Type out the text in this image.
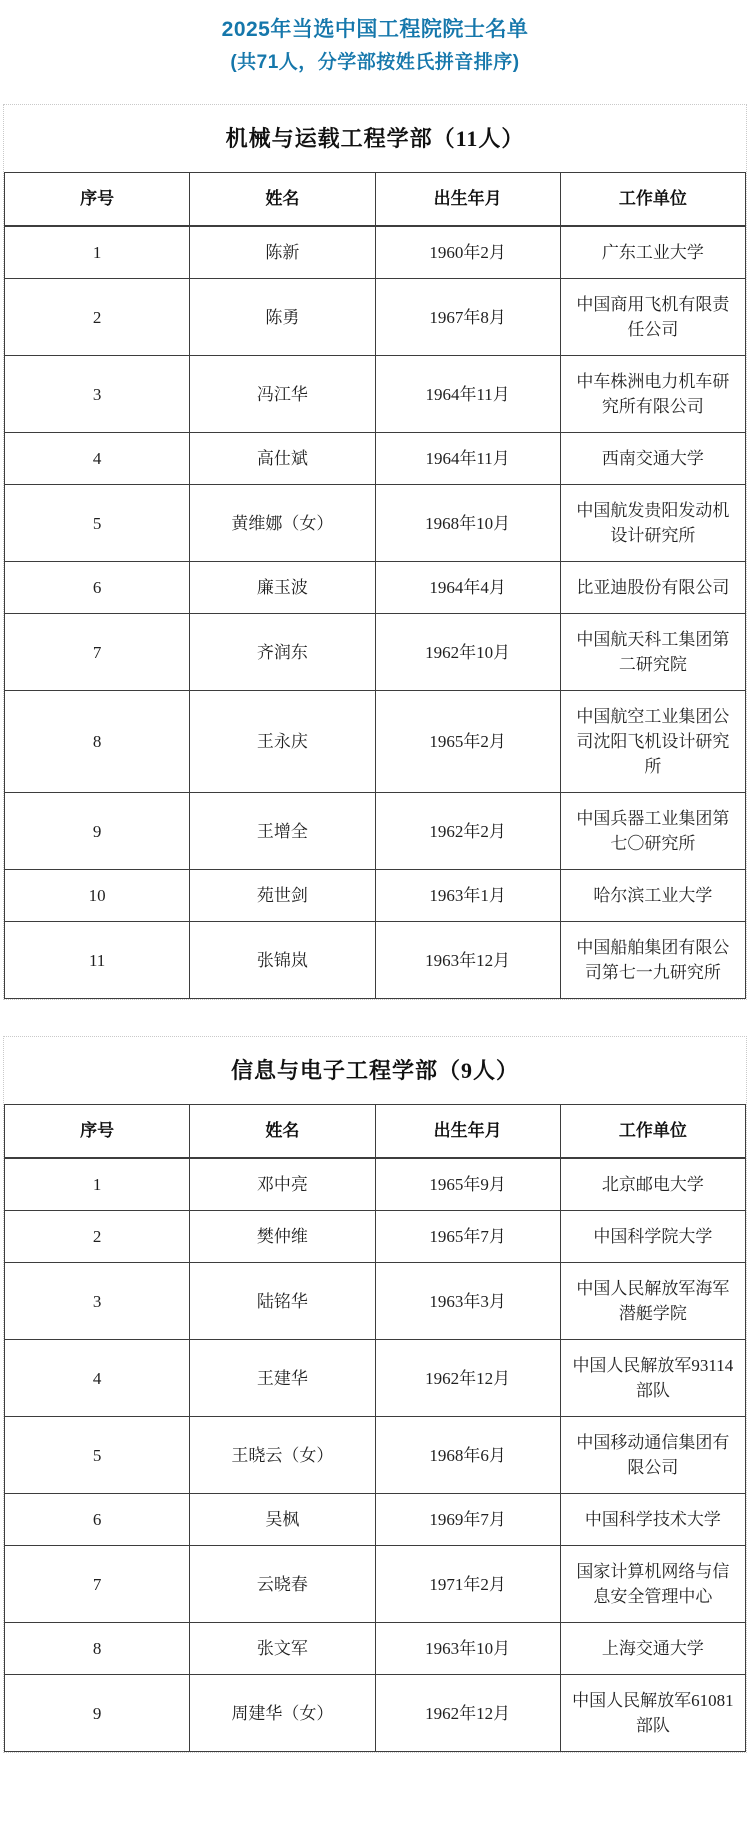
2025年当选中国工程院院士名单
(共71人，分学部按姓氏拼音排序)
机械与运载工程学部（11人）
序号	姓名	出生年月	工作单位
1	陈新	1960年2月	广东工业大学
2	陈勇	1967年8月	中国商用飞机有限责任公司
3	冯江华	1964年11月	中车株洲电力机车研究所有限公司
4	高仕斌	1964年11月	西南交通大学
5	黄维娜（女）	1968年10月	中国航发贵阳发动机设计研究所
6	廉玉波	1964年4月	比亚迪股份有限公司
7	齐润东	1962年10月	中国航天科工集团第二研究院
8	王永庆	1965年2月	中国航空工业集团公司沈阳飞机设计研究所
9	王增全	1962年2月	中国兵器工业集团第七〇研究所
10	苑世剑	1963年1月	哈尔滨工业大学
11	张锦岚	1963年12月	中国船舶集团有限公司第七一九研究所
信息与电子工程学部（9人）
序号	姓名	出生年月	工作单位
1	邓中亮	1965年9月	北京邮电大学
2	樊仲维	1965年7月	中国科学院大学
3	陆铭华	1963年3月	中国人民解放军海军潜艇学院
4	王建华	1962年12月	中国人民解放军93114部队
5	王晓云（女）	1968年6月	中国移动通信集团有限公司
6	吴枫	1969年7月	中国科学技术大学
7	云晓春	1971年2月	国家计算机网络与信息安全管理中心
8	张文军	1963年10月	上海交通大学
9	周建华（女）	1962年12月	中国人民解放军61081部队
